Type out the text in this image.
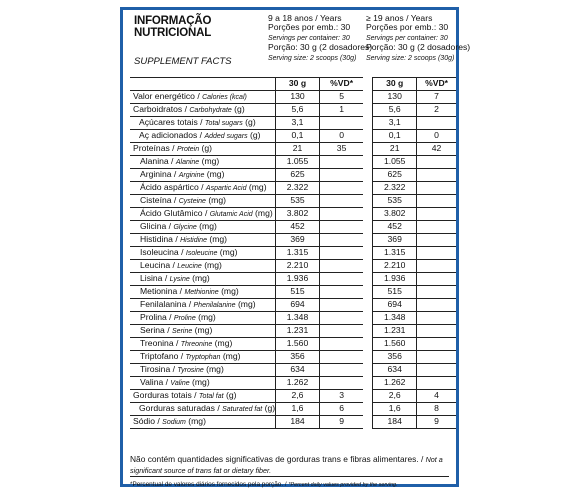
INFORMAÇÃO
NUTRICIONAL
SUPPLEMENT FACTS
9 a 18 anos / Years
Porções por emb.: 30
Servings per container: 30
Porção: 30 g (2 dosadores)
Serving size: 2 scoops (30g)
≥ 19 anos / Years
Porções por emb.: 30
Servings per container: 30
Porção: 30 g (2 dosadores)
Serving size: 2 scoops (30g)
	30 g	%VD*		30 g	%VD*
Valor energético / Calories (kcal)	130	5		130	7
Carboidratos / Carbohydrate (g)	5,6	1		5,6	2
Açúcares totais / Total sugars (g)	3,1			3,1	
Aç adicionados / Added sugars (g)	0,1	0		0,1	0
Proteínas / Protein (g)	21	35		21	42
Alanina / Alanine (mg)	1.055			1.055	
Arginina / Arginine (mg)	625			625	
Ácido aspártico / Aspartic Acid (mg)	2.322			2.322	
Cisteína / Cysteine (mg)	535			535	
Ácido Glutâmico / Glutamic Acid (mg)	3.802			3.802	
Glicina / Glycine (mg)	452			452	
Histidina / Histidine (mg)	369			369	
Isoleucina / Isoleucine (mg)	1.315			1.315	
Leucina / Leucine (mg)	2.210			2.210	
Lisina / Lysine (mg)	1.936			1.936	
Metionina / Methionine (mg)	515			515	
Fenilalanina / Phenilalanine (mg)	694			694	
Prolina / Proline (mg)	1.348			1.348	
Serina / Serine (mg)	1.231			1.231	
Treonina / Threonine (mg)	1.560			1.560	
Triptofano / Tryptophan (mg)	356			356	
Tirosina / Tyrosine (mg)	634			634	
Valina / Valine (mg)	1.262			1.262	
Gorduras totais / Total fat (g)	2,6	3		2,6	4
Gorduras saturadas / Saturated fat (g)	1,6	6		1,6	8
Sódio / Sodium (mg)	184	9		184	9
Não contém quantidades significativas de gorduras trans e fibras alimentares. / Not a significant source of trans fat or dietary fiber.
*Percentual de valores diários fornecidos pela porção. / *Percent daily values provided by the serving.
